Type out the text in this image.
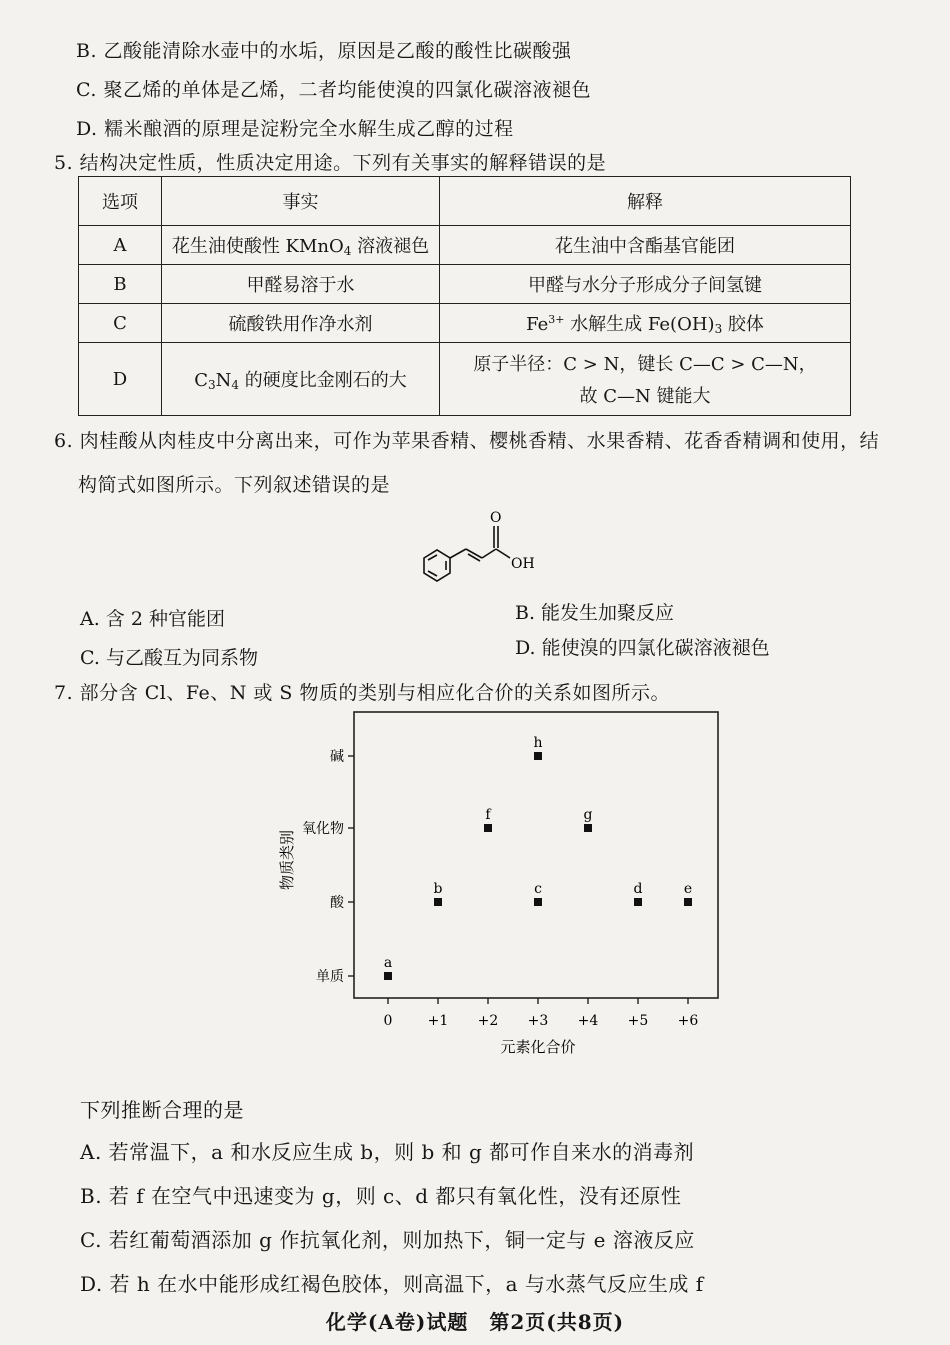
B. 乙酸能清除水壶中的水垢，原因是乙酸的酸性比碳酸强
C. 聚乙烯的单体是乙烯，二者均能使溴的四氯化碳溶液褪色
D. 糯米酿酒的原理是淀粉完全水解生成乙醇的过程
5. 结构决定性质，性质决定用途。下列有关事实的解释错误的是
选项	事实	解释
A	花生油使酸性 KMnO$_4$ 溶液褪色	花生油中含酯基官能团
B	甲醛易溶于水	甲醛与水分子形成分子间氢键
C	硫酸铁用作净水剂	$Fe^{3+}$ 水解生成 $Fe(OH)_3$ 胶体
D	$C_3N_4$ 的硬度比金刚石的大	原子半径：C > N，键长 C—C > C—N，
故 C—N 键能大
6. 肉桂酸从肉桂皮中分离出来，可作为苹果香精、樱桃香精、水果香精、花香香精调和使用，结
构简式如图所示。下列叙述错误的是
O
OH
A. 含 2 种官能团	B. 能发生加聚反应
C. 与乙酸互为同系物	D. 能使溴的四氯化碳溶液褪色
7. 部分含 Cl、Fe、N 或 S 物质的类别与相应化合价的关系如图所示。
物质类别
元素化合价
0	+1 +2 +3 +4 +5 +6
单质
酸
氧化物
碱
a
b
f
h
c
g
d	e
下列推断合理的是
A. 若常温下，a 和水反应生成 b，则 b 和 g 都可作自来水的消毒剂
B. 若 f 在空气中迅速变为 g，则 c、d 都只有氧化性，没有还原性
C. 若红葡萄酒添加 g 作抗氧化剂，则加热下，铜一定与 e 溶液反应
D. 若 h 在水中能形成红褐色胶体，则高温下，a 与水蒸气反应生成 f
化学(A卷)试题　第2页(共8页)
